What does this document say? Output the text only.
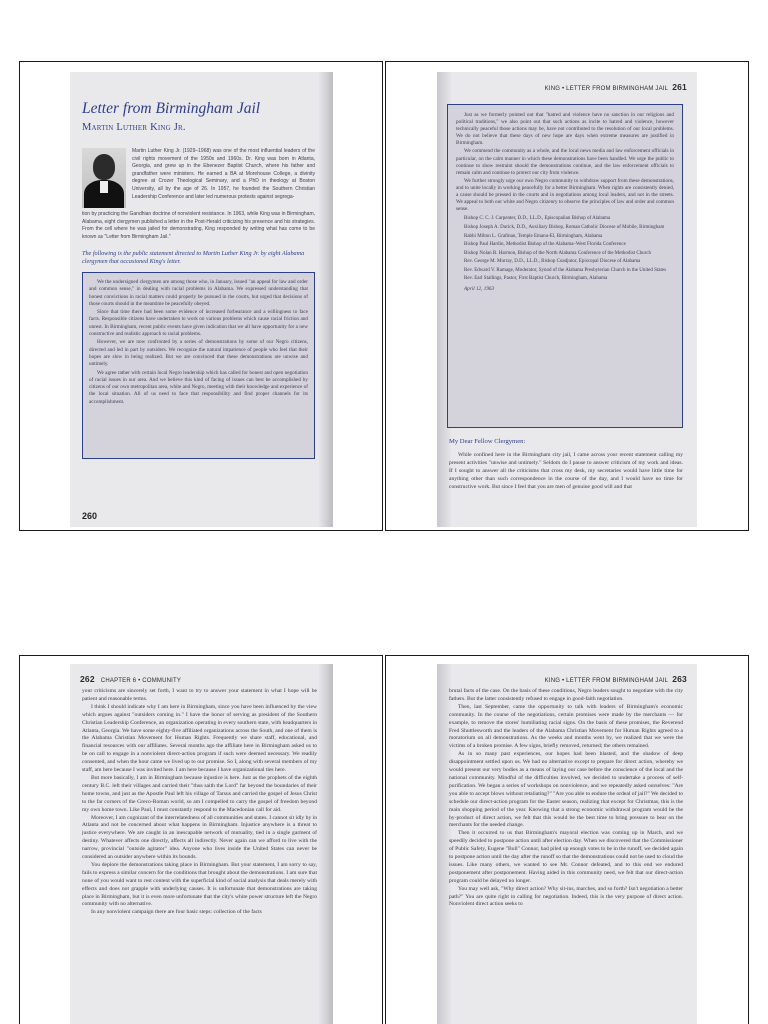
Letter from Birmingham Jail
Martin Luther King Jr.
Martin Luther King Jr. (1929–1968) was one of the most influential leaders of the civil rights movement of the 1950s and 1960s. Dr. King was born in Atlanta, Georgia, and grew up in the Ebenezer Baptist Church, where his father and grandfather were ministers. He earned a BA at Morehouse College, a divinity degree at Crozer Theological Seminary, and a PhD in theology at Boston University, all by the age of 26. In 1957, he founded the Southern Christian Leadership Conference and later led numerous protests against segrega-
tion by practicing the Gandhian doctrine of nonviolent resistance. In 1963, while King was in Birmingham, Alabama, eight clergymen published a letter in the Post-Herald criticizing his presence and his strategies. From the cell where he was jailed for demonstrating, King responded by writing what has come to be known as "Letter from Birmingham Jail."
The following is the public statement directed to Martin Luther King Jr. by eight Alabama clergymen that occasioned King's letter.

We the undersigned clergymen are among those who, in January, issued "an appeal for law and order and common sense," in dealing with racial problems in Alabama. We expressed understanding that honest convictions in racial matters could properly be pursued in the courts, but urged that decisions of those courts should in the meantime be peacefully obeyed.

Since that time there had been some evidence of increased forbearance and a willingness to face facts. Responsible citizens have undertaken to work on various problems which cause racial friction and unrest. In Birmingham, recent public events have given indication that we all have opportunity for a new constructive and realistic approach to racial problems.

However, we are now confronted by a series of demonstrations by some of our Negro citizens, directed and led in part by outsiders. We recognize the natural impatience of people who feel that their hopes are slow in being realized. But we are convinced that these demonstrations are unwise and untimely.

We agree rather with certain local Negro leadership which has called for honest and open negotiation of racial issues in our area. And we believe this kind of facing of issues can best be accomplished by citizens of our own metropolitan area, white and Negro, meeting with their knowledge and experience of the local situation. All of us need to face that responsibility and find proper channels for its accomplishment.

260
KING • LETTER FROM BIRMINGHAM JAIL 261

Just as we formerly pointed out that "hatred and violence have no sanction in our religious and political traditions," we also point out that such actions as incite to hatred and violence, however technically peaceful those actions may be, have not contributed to the resolution of our local problems. We do not believe that these days of new hope are days when extreme measures are justified in Birmingham.

We commend the community as a whole, and the local news media and law enforcement officials in particular, on the calm manner in which these demonstrations have been handled. We urge the public to continue to show restraint should the demonstrations continue, and the law enforcement officials to remain calm and continue to protect our city from violence.

We further strongly urge our own Negro community to withdraw support from these demonstrations, and to unite locally in working peacefully for a better Birmingham. When rights are consistently denied, a cause should be pressed in the courts and in negotiations among local leaders, and not in the streets. We appeal to both our white and Negro citizenry to observe the principles of law and order and common sense.

Bishop C. C. J. Carpenter, D.D., LL.D., Episcopalian Bishop of Alabama
Bishop Joseph A. Durick, D.D., Auxiliary Bishop, Roman Catholic Diocese of Mobile, Birmingham
Rabbi Milton L. Grafman, Temple Emanu-El, Birmingham, Alabama
Bishop Paul Hardin, Methodist Bishop of the Alabama–West Florida Conference
Bishop Nolan B. Harmon, Bishop of the North Alabama Conference of the Methodist Church
Rev. George M. Murray, D.D., LL.D., Bishop Coadjutor, Episcopal Diocese of Alabama
Rev. Edward V. Ramage, Moderator, Synod of the Alabama Presbyterian Church in the United States
Rev. Earl Stallings, Pastor, First Baptist Church, Birmingham, Alabama
April 12, 1963
My Dear Fellow Clergymen:

While confined here in the Birmingham city jail, I came across your recent statement calling my present activities "unwise and untimely." Seldom do I pause to answer criticism of my work and ideas. If I sought to answer all the criticisms that cross my desk, my secretaries would have little time for anything other than such correspondence in the course of the day, and I would have no time for constructive work. But since I feel that you are men of genuine good will and that

262 CHAPTER 6 • COMMUNITY

your criticisms are sincerely set forth, I want to try to answer your statement in what I hope will be patient and reasonable terms.

I think I should indicate why I am here in Birmingham, since you have been influenced by the view which argues against "outsiders coming in." I have the honor of serving as president of the Southern Christian Leadership Conference, an organization operating in every southern state, with headquarters in Atlanta, Georgia. We have some eighty-five affiliated organizations across the South, and one of them is the Alabama Christian Movement for Human Rights. Frequently we share staff, educational, and financial resources with our affiliates. Several months ago the affiliate here in Birmingham asked us to be on call to engage in a nonviolent direct-action program if such were deemed necessary. We readily consented, and when the hour came we lived up to our promise. So I, along with several members of my staff, am here because I was invited here. I am here because I have organizational ties here.

But more basically, I am in Birmingham because injustice is here. Just as the prophets of the eighth century B.C. left their villages and carried their "thus saith the Lord" far beyond the boundaries of their home towns, and just as the Apostle Paul left his village of Tarsus and carried the gospel of Jesus Christ to the far corners of the Greco-Roman world, so am I compelled to carry the gospel of freedom beyond my own home town. Like Paul, I must constantly respond to the Macedonian call for aid.

Moreover, I am cognizant of the interrelatedness of all communities and states. I cannot sit idly by in Atlanta and not be concerned about what happens in Birmingham. Injustice anywhere is a threat to justice everywhere. We are caught in an inescapable network of mutuality, tied in a single garment of destiny. Whatever affects one directly, affects all indirectly. Never again can we afford to live with the narrow, provincial "outside agitator" idea. Anyone who lives inside the United States can never be considered an outsider anywhere within its bounds.

You deplore the demonstrations taking place in Birmingham. But your statement, I am sorry to say, fails to express a similar concern for the conditions that brought about the demonstrations. I am sure that none of you would want to rest content with the superficial kind of social analysis that deals merely with effects and does not grapple with underlying causes. It is unfortunate that demonstrations are taking place in Birmingham, but it is even more unfortunate that the city's white power structure left the Negro community with no alternative.

In any nonviolent campaign there are four basic steps: collection of the facts

KING • LETTER FROM BIRMINGHAM JAIL 263

brutal facts of the case. On the basis of these conditions, Negro leaders sought to negotiate with the city fathers. But the latter consistently refused to engage in good-faith negotiation.

Then, last September, came the opportunity to talk with leaders of Birmingham's economic community. In the course of the negotiations, certain promises were made by the merchants — for example, to remove the stores' humiliating racial signs. On the basis of these promises, the Reverend Fred Shuttlesworth and the leaders of the Alabama Christian Movement for Human Rights agreed to a moratorium on all demonstrations. As the weeks and months went by, we realized that we were the victims of a broken promise. A few signs, briefly removed, returned; the others remained.

As in so many past experiences, our hopes had been blasted, and the shadow of deep disappointment settled upon us. We had no alternative except to prepare for direct action, whereby we would present our very bodies as a means of laying our case before the conscience of the local and the national community. Mindful of the difficulties involved, we decided to undertake a process of self-purification. We began a series of workshops on nonviolence, and we repeatedly asked ourselves: "Are you able to accept blows without retaliating?" "Are you able to endure the ordeal of jail?" We decided to schedule our direct-action program for the Easter season, realizing that except for Christmas, this is the main shopping period of the year. Knowing that a strong economic withdrawal program would be the by-product of direct action, we felt that this would be the best time to bring pressure to bear on the merchants for the needed change.

Then it occurred to us that Birmingham's mayoral election was coming up in March, and we speedily decided to postpone action until after election day. When we discovered that the Commissioner of Public Safety, Eugene "Bull" Connor, had piled up enough votes to be in the runoff, we decided again to postpone action until the day after the runoff so that the demonstrations could not be used to cloud the issues. Like many others, we wanted to see Mr. Connor defeated, and to this end we endured postponement after postponement. Having aided in this community need, we felt that our direct-action program could be delayed no longer.

You may well ask, "Why direct action? Why sit-ins, marches, and so forth? Isn't negotiation a better path?" You are quite right in calling for negotiation. Indeed, this is the very purpose of direct action. Nonviolent direct action seeks to
